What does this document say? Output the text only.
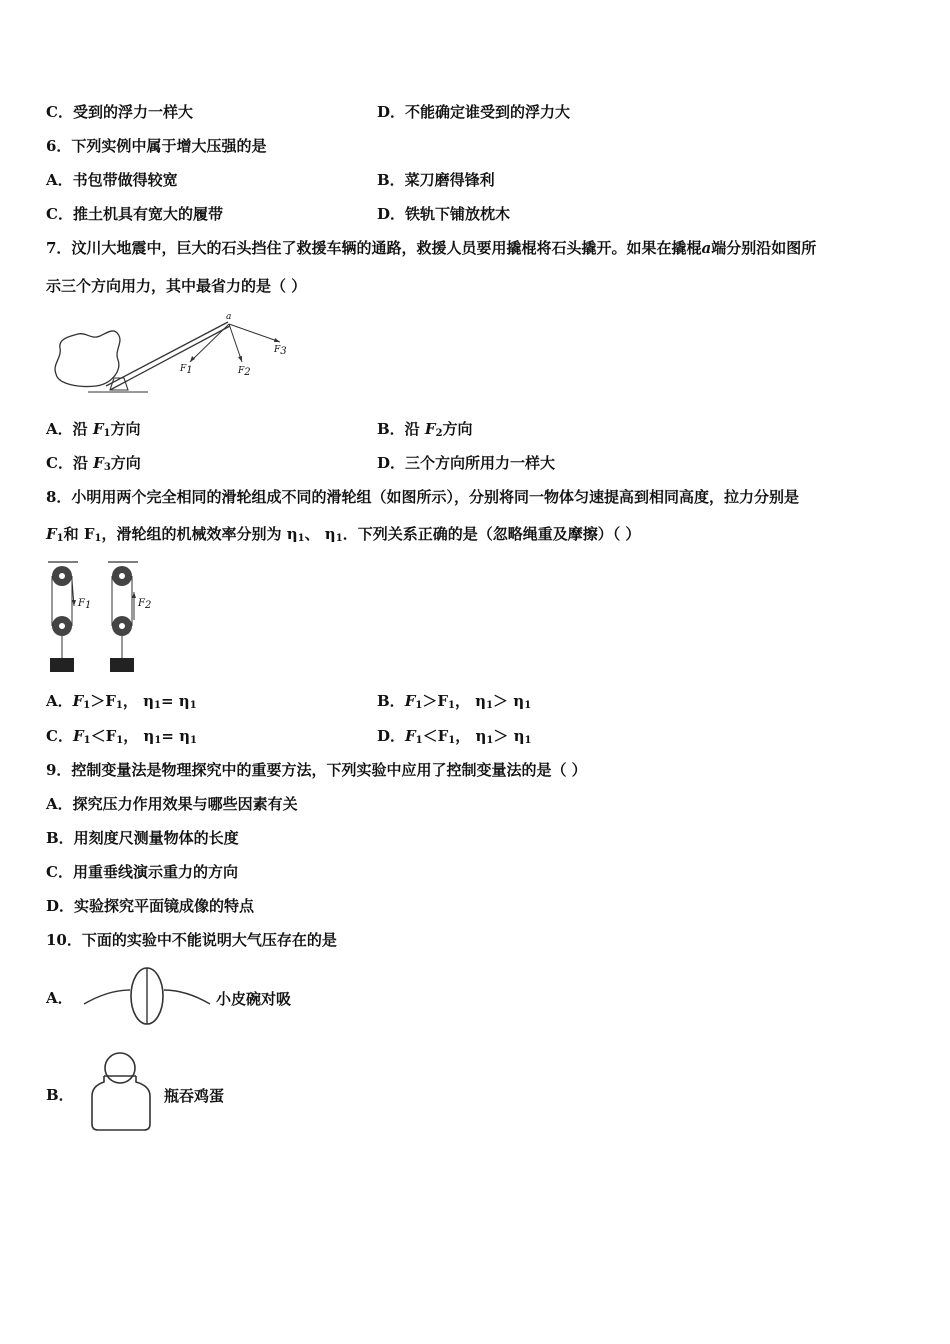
C．受到的浮力一样大	D．不能确定谁受到的浮力大
6．下列实例中属于增大压强的是
A．书包带做得较宽	B．菜刀磨得锋利
C．推土机具有宽大的履带	D．铁轨下铺放枕木
7．汶川大地震中，巨大的石头挡住了救援车辆的通路，救援人员要用撬棍将石头撬开。如果在撬棍a端分别沿如图所
示三个方向用力，其中最省力的是（ ）
a
$F_1$	$F_2$
$F_3$
A．沿 $F_1$方向	B．沿 $F_2$方向
C．沿 $F_3$方向	D．三个方向所用力一样大
8．小明用两个完全相同的滑轮组成不同的滑轮组（如图所示），分别将同一物体匀速提高到相同高度，拉力分别是
$F_1$和 $F_1$，滑轮组的机械效率分别为 $\eta_1$、 $\eta_1$．下列关系正确的是（忽略绳重及摩擦）（ ）
$F_1$	$F_2$
A．$F_1>F_1$， $\eta_1= \eta_1$	B．$F_1>F_1$， $\eta_1> \eta_1$
C．$F_1<F_1$， $\eta_1= \eta_1$	D．$F_1<F_1$， $\eta_1> \eta_1$
9．控制变量法是物理探究中的重要方法，下列实验中应用了控制变量法的是（ ）
A．探究压力作用效果与哪些因素有关
B．用刻度尺测量物体的长度
C．用重垂线演示重力的方向
D．实验探究平面镜成像的特点
10．下面的实验中不能说明大气压存在的是
A．	小皮碗对吸
B．	瓶吞鸡蛋
